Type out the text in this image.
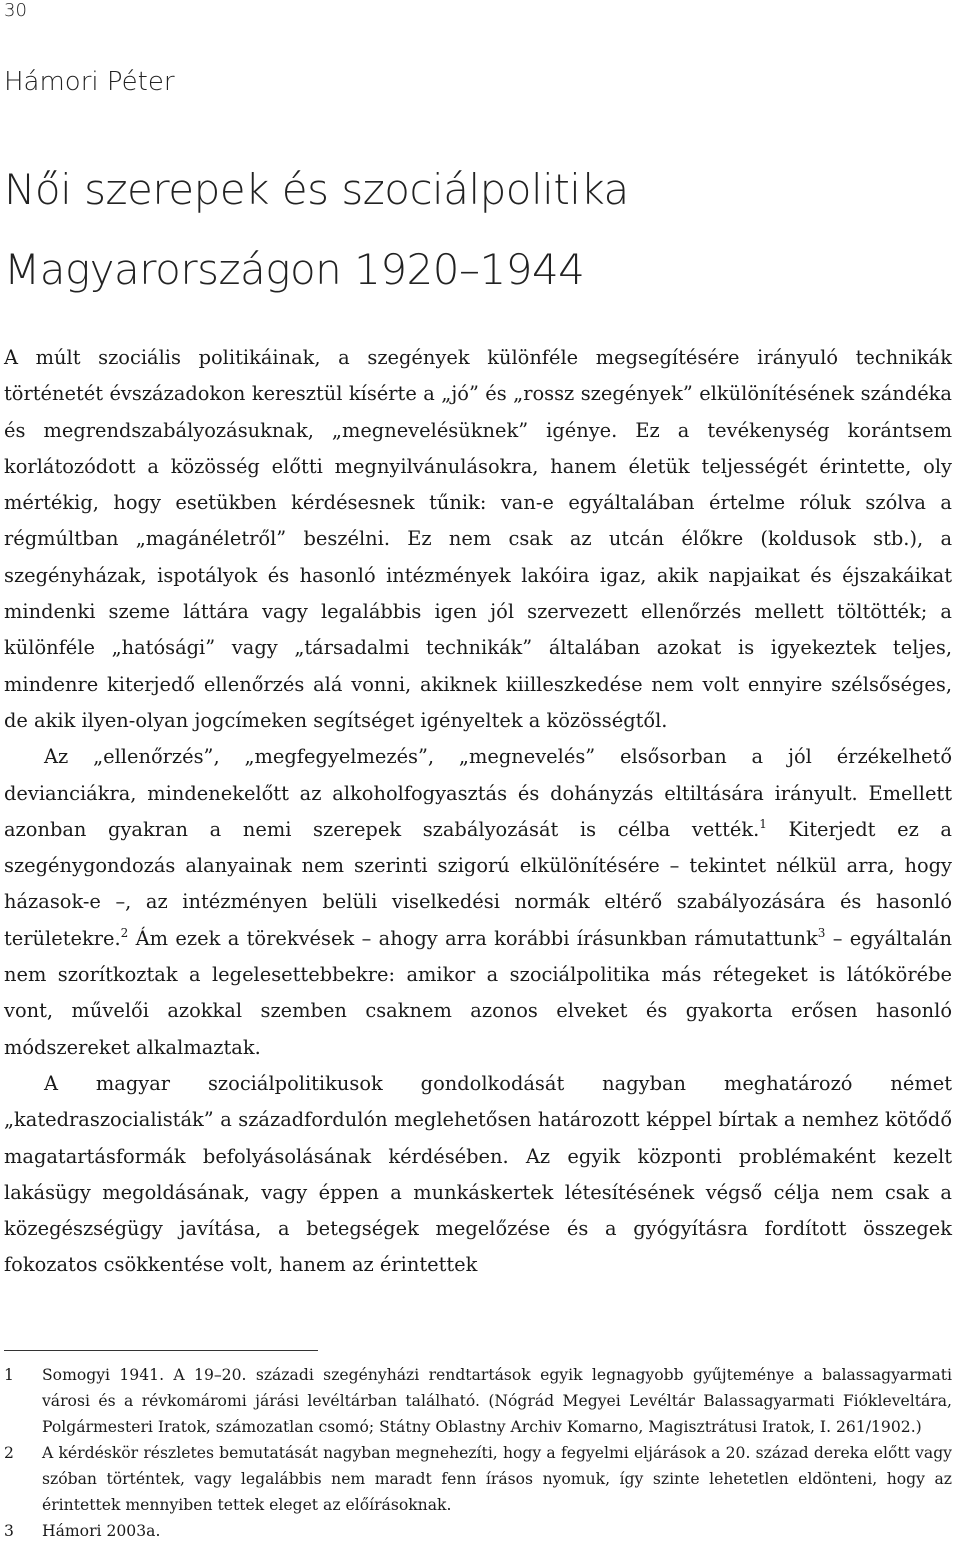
30
Hámori Péter
Női szerepek és szociálpolitika
Magyarországon 1920–1944

A múlt szociális politikáinak, a szegények különféle megsegítésére irányuló technikák történetét évszázadokon keresztül kísérte a „jó” és „rossz szegények” elkülönítésének szándéka és megrendszabályozásuknak, „megnevelésüknek” igénye. Ez a tevékenység korántsem korlátozódott a közösség előtti megnyilvánulásokra, hanem életük teljességét érintette, oly mértékig, hogy esetükben kérdésesnek tűnik: van-e egyáltalában értelme róluk szólva a régmúltban „magánéletről” beszélni. Ez nem csak az utcán élőkre (koldusok stb.), a szegényházak, ispotályok és hasonló intézmények lakóira igaz, akik napjaikat és éjszakáikat mindenki szeme láttára vagy legalábbis igen jól szervezett ellenőrzés mellett töltötték; a különféle „hatósági” vagy „társadalmi technikák” általában azokat is igyekeztek teljes, mindenre kiterjedő ellenőrzés alá vonni, akiknek kiilleszkedése nem volt ennyire szélsőséges, de akik ilyen-olyan jogcímeken segítséget igényeltek a közösségtől.

Az „ellenőrzés”, „megfegyelmezés”, „megnevelés” elsősorban a jól érzékelhető devianciákra, mindenekelőtt az alkoholfogyasztás és dohányzás eltiltására irányult. Emellett azonban gyakran a nemi szerepek szabályozását is célba vették.$^1$ Kiterjedt ez a szegénygondozás alanyainak nem szerinti szigorú elkülönítésére – tekintet nélkül arra, hogy házasok-e –, az intézményen belüli viselkedési normák eltérő szabályozására és hasonló területekre.$^2$ Ám ezek a törekvések – ahogy arra korábbi írásunkban rámutattunk$^3$ – egyáltalán nem szorítkoztak a legelesettebbekre: amikor a szociálpolitika más rétegeket is látókörébe vont, művelői azokkal szemben csaknem azonos elveket és gyakorta erősen hasonló módszereket alkalmaztak.

A magyar szociálpolitikusok gondolkodását nagyban meghatározó német „katedraszocialisták” a századfordulón meglehetősen határozott képpel bírtak a nemhez kötődő magatartásformák befolyásolásának kérdésében. Az egyik központi problémaként kezelt lakásügy megoldásának, vagy éppen a munkáskertek létesítésének végső célja nem csak a közegészségügy javítása, a betegségek megelőzése és a gyógyításra fordított összegek fokozatos csökkentése volt, hanem az érintettek

1	Somogyi 1941. A 19–20. századi szegényházi rendtartások egyik legnagyobb gyűjteménye a balassagyarmati városi és a révkomáromi járási levéltárban található. (Nógrád Megyei Levéltár Balassagyarmati Fiókleveltára, Polgármesteri Iratok, számozatlan csomó; Státny Oblastny Archiv Komarno, Magisztrátusi Iratok, I. 261/1902.)
2	A kérdéskör részletes bemutatását nagyban megnehezíti, hogy a fegyelmi eljárások a 20. század dereka előtt vagy szóban történtek, vagy legalábbis nem maradt fenn írásos nyomuk, így szinte lehetetlen eldönteni, hogy az érintettek mennyiben tettek eleget az előírásoknak.
3	Hámori 2003a.
